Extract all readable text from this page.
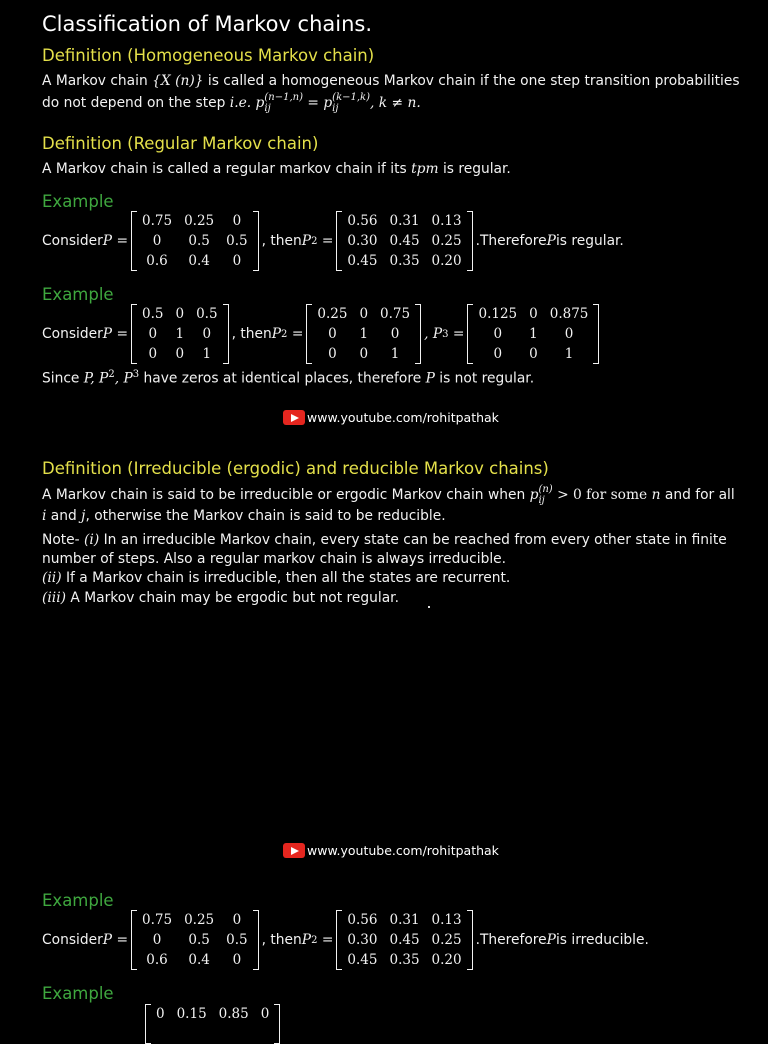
Classification of Markov chains.
Definition (Homogeneous Markov chain)
A Markov chain {X (n)} is called a homogeneous Markov chain if the one step transition probabilities
do not depend on the step i.e. p (n−1,n)
ij	= p (k−1,k)
ij	, k ≠ n.
Definition (Regular Markov chain)
A Markov chain is called a regular markov chain if its tpm is regular.
Example
Consider P
=
0.75	0.25	0
0	0.5	0.5
0.6	0.4	0
, then P 2
=
0.56	0.31	0.13
0.30	0.45	0.25
0.45	0.35	0.20
.Therefore P is regular.
Example
Consider P
=
0.5	0	0.5
0	1	0
0	0	1
, then P 2
=
0.25	0	0.75
0	1	0
0	0	1
, P 3
=
0.125	0	0.875
0	1	0
0	0	1
Since P, $P^2$, $P^3$ have zeros at identical places, therefore P is not regular.
www.youtube.com/rohitpathak
Definition (Irreducible (ergodic) and reducible Markov chains)
A Markov chain is said to be irreducible or ergodic Markov chain when p (n)
ij > 0 for some n and for all
i and j, otherwise the Markov chain is said to be reducible.
Note- (i) In an irreducible Markov chain, every state can be reached from every other state in finite
number of steps. Also a regular markov chain is always irreducible.
(ii) If a Markov chain is irreducible, then all the states are recurrent.
(iii) A Markov chain may be ergodic but not regular.
www.youtube.com/rohitpathak
Example
Consider P
=
0.75	0.25	0
0	0.5	0.5
0.6	0.4	0
, then P 2
=
0.56	0.31	0.13
0.30	0.45	0.25
0.45	0.35	0.20
.Therefore P is irreducible.
Example
0	0.15	0.85	0
